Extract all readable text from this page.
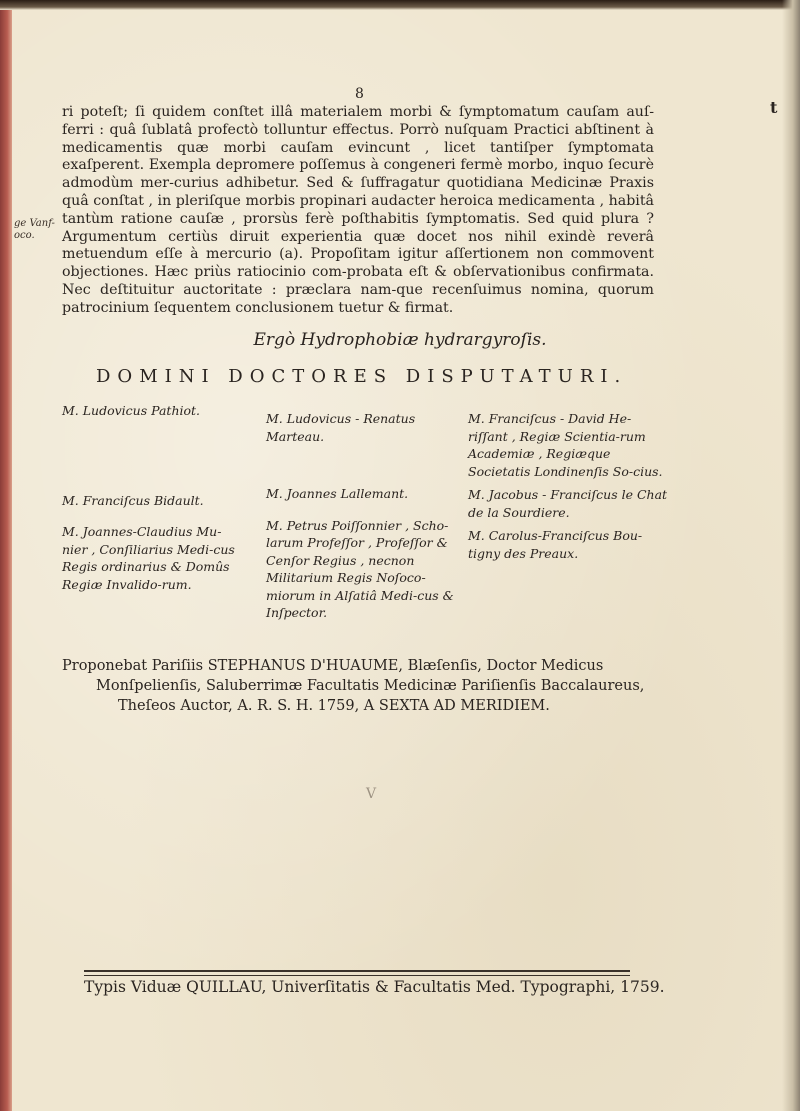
8
t
ge Vanf-
oco.

ri poteſt; ſi quidem conſtet illâ materialem morbi & ſymptomatum cauſam auſ-ferri : quâ ſublatâ profectò tolluntur effectus. Porrò nuſquam Practici abſtinent à medicamentis quæ morbi cauſam evincunt , licet tantiſper ſymptomata exaſperent. Exempla depromere poſſemus à congeneri fermè morbo, inquo ſecurè admodùm mer-curius adhibetur. Sed & ſuffragatur quotidiana Medicinæ Praxis quâ conſtat , in pleriſque morbis propinari audacter heroica medicamenta , habitâ tantùm ratione cauſæ , prorsùs ferè poſthabitis ſymptomatis. Sed quid plura ? Argumentum certiùs diruit experientia quæ docet nos nihil exindè reverâ metuendum eſſe à mercurio (a). Propoſitam igitur aſſertionem non commovent objectiones. Hæc priùs ratiocinio com-probata eſt & obſervationibus confirmata. Nec deſtituitur auctoritate : præclara nam-que recenſuimus nomina, quorum patrocinium ſequentem conclusionem tuetur & firmat.

Ergò Hydrophobiæ hydrargyroſis.
DOMINI DOCTORES DISPUTATURI.
M. Ludovicus Pathiot.
M. Franciſcus Bidault.
M. Joannes-Claudius Mu-nier , Conſiliarius Medi-cus Regis ordinarius & Domûs Regiæ Invalido-rum.
M. Ludovicus - Renatus Marteau.
M. Joannes Lallemant.
M. Petrus Poiſſonnier , Scho-larum Profeſſor , Profeſſor & Cenſor Regius , necnon Militarium Regis Noſoco-miorum in Alſatiâ Medi-cus & Inſpector.
M. Franciſcus - David He-riſſant , Regiæ Scientia-rum Academiæ , Regiæque Societatis Londinenſis So-cius.
M. Jacobus - Franciſcus le Chat de la Sourdiere.
M. Carolus-Franciſcus Bou-tigny des Preaux.
Proponebat Pariſiis STEPHANUS D'HUAUME, Blæſenſis, Doctor Medicus
Monſpelienſis, Saluberrimæ Facultatis Medicinæ Pariſienſis Baccalaureus,
Theſeos Auctor, A. R. S. H. 1759, A SEXTA AD MERIDIEM.
V
Typis Viduæ QUILLAU, Univerſitatis & Facultatis Med. Typographi, 1759.
